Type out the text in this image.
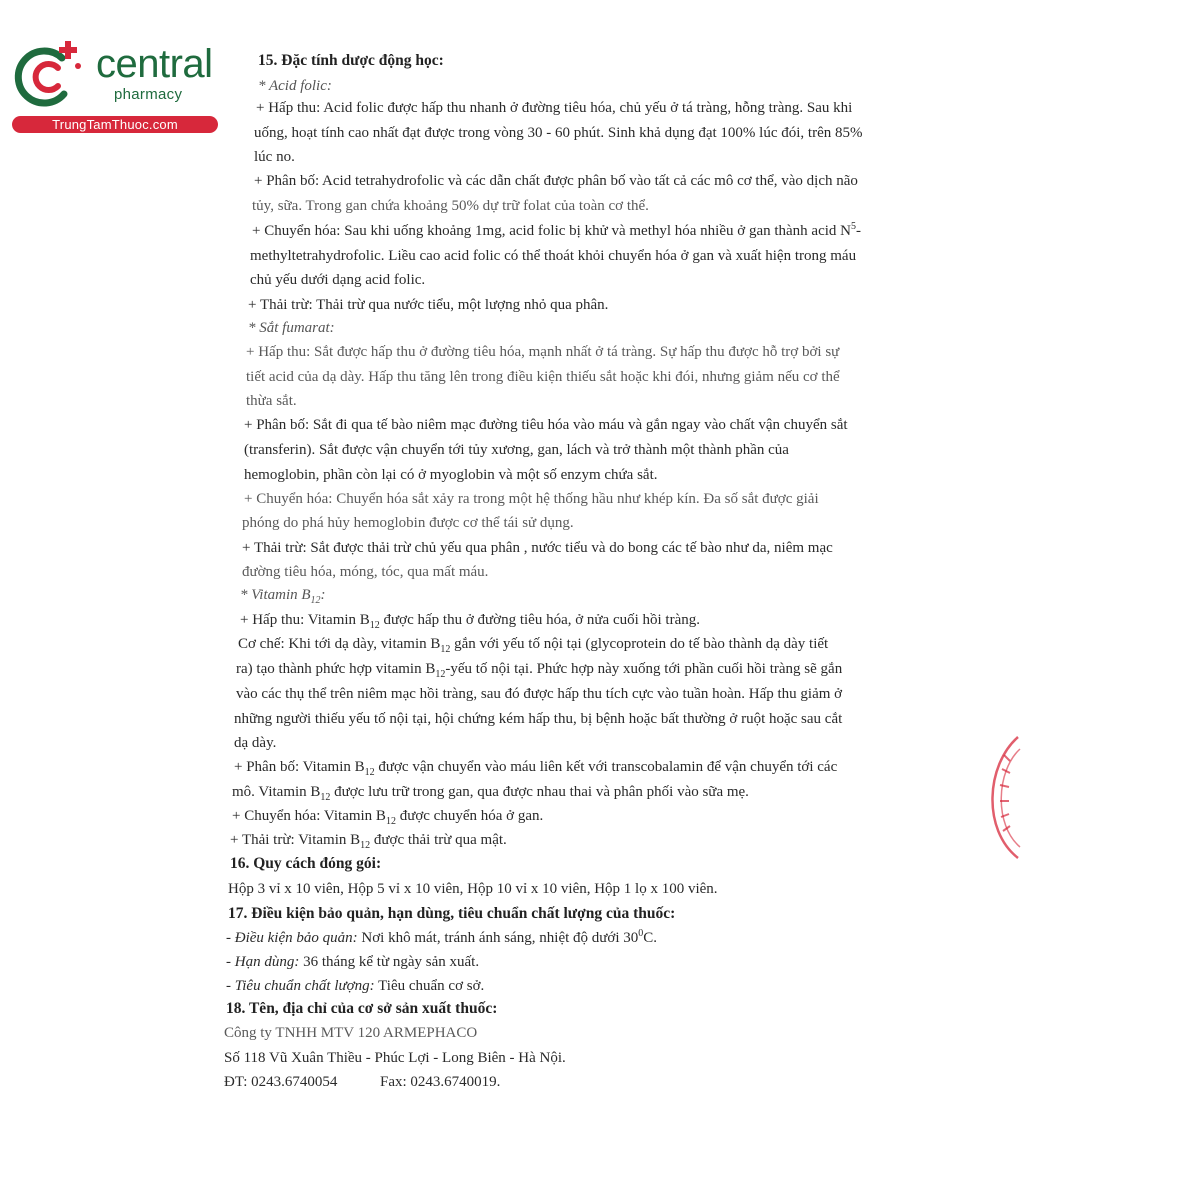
central
pharmacy
TrungTamThuoc.com
15. Đặc tính dược động học:
* Acid folic:
+ Hấp thu: Acid folic được hấp thu nhanh ở đường tiêu hóa, chủ yếu ở tá tràng, hỗng tràng. Sau khi
uống, hoạt tính cao nhất đạt được trong vòng 30 - 60 phút. Sinh khả dụng đạt 100% lúc đói, trên 85%
lúc no.
+ Phân bố: Acid tetrahydrofolic và các dẫn chất được phân bố vào tất cả các mô cơ thể, vào dịch não
tủy, sữa. Trong gan chứa khoảng 50% dự trữ folat của toàn cơ thể.
+ Chuyển hóa: Sau khi uống khoảng 1mg, acid folic bị khử và methyl hóa nhiều ở gan thành acid $N^5-$
methyltetrahydrofolic. Liều cao acid folic có thể thoát khỏi chuyển hóa ở gan và xuất hiện trong máu
chủ yếu dưới dạng acid folic.
+ Thải trừ: Thải trừ qua nước tiểu, một lượng nhỏ qua phân.
* Sắt fumarat:
+ Hấp thu: Sắt được hấp thu ở đường tiêu hóa, mạnh nhất ở tá tràng. Sự hấp thu được hỗ trợ bởi sự
tiết acid của dạ dày. Hấp thu tăng lên trong điều kiện thiếu sắt hoặc khi đói, nhưng giảm nếu cơ thể
thừa sắt.
+ Phân bố: Sắt đi qua tế bào niêm mạc đường tiêu hóa vào máu và gắn ngay vào chất vận chuyển sắt
(transferin). Sắt được vận chuyển tới tủy xương, gan, lách và trở thành một thành phần của
hemoglobin, phần còn lại có ở myoglobin và một số enzym chứa sắt.
+ Chuyển hóa: Chuyển hóa sắt xảy ra trong một hệ thống hầu như khép kín. Đa số sắt được giải
phóng do phá hủy hemoglobin được cơ thể tái sử dụng.
+ Thải trừ: Sắt được thải trừ chủ yếu qua phân , nước tiểu và do bong các tế bào như da, niêm mạc
đường tiêu hóa, móng, tóc, qua mất máu.
* Vitamin $B_{12}$:
+ Hấp thu: Vitamin $B_{12}$ được hấp thu ở đường tiêu hóa, ở nửa cuối hồi tràng.
Cơ chế: Khi tới dạ dày, vitamin $B_{12}$ gắn với yếu tố nội tại (glycoprotein do tế bào thành dạ dày tiết
ra) tạo thành phức hợp vitamin $B_{12}$-yếu tố nội tại. Phức hợp này xuống tới phần cuối hồi tràng sẽ gắn
vào các thụ thể trên niêm mạc hồi tràng, sau đó được hấp thu tích cực vào tuần hoàn. Hấp thu giảm ở
những người thiếu yếu tố nội tại, hội chứng kém hấp thu, bị bệnh hoặc bất thường ở ruột hoặc sau cắt
dạ dày.
+ Phân bố: Vitamin $B_{12}$ được vận chuyển vào máu liên kết với transcobalamin để vận chuyển tới các
mô. Vitamin $B_{12}$ được lưu trữ trong gan, qua được nhau thai và phân phối vào sữa mẹ.
+ Chuyển hóa: Vitamin $B_{12}$ được chuyển hóa ở gan.
+ Thải trừ: Vitamin $B_{12}$ được thải trừ qua mật.
16. Quy cách đóng gói:
Hộp 3 vỉ x 10 viên, Hộp 5 vỉ x 10 viên, Hộp 10 vỉ x 10 viên, Hộp 1 lọ x 100 viên.
17. Điều kiện bảo quản, hạn dùng, tiêu chuẩn chất lượng của thuốc:
- Điều kiện bảo quản: Nơi khô mát, tránh ánh sáng, nhiệt độ dưới $30^0C$.
- Hạn dùng: 36 tháng kể từ ngày sản xuất.
- Tiêu chuẩn chất lượng: Tiêu chuẩn cơ sở.
18. Tên, địa chỉ của cơ sở sản xuất thuốc:
Công ty TNHH MTV 120 ARMEPHACO
Số 118 Vũ Xuân Thiều - Phúc Lợi - Long Biên - Hà Nội.
ĐT: 0243.6740054	Fax: 0243.6740019.
